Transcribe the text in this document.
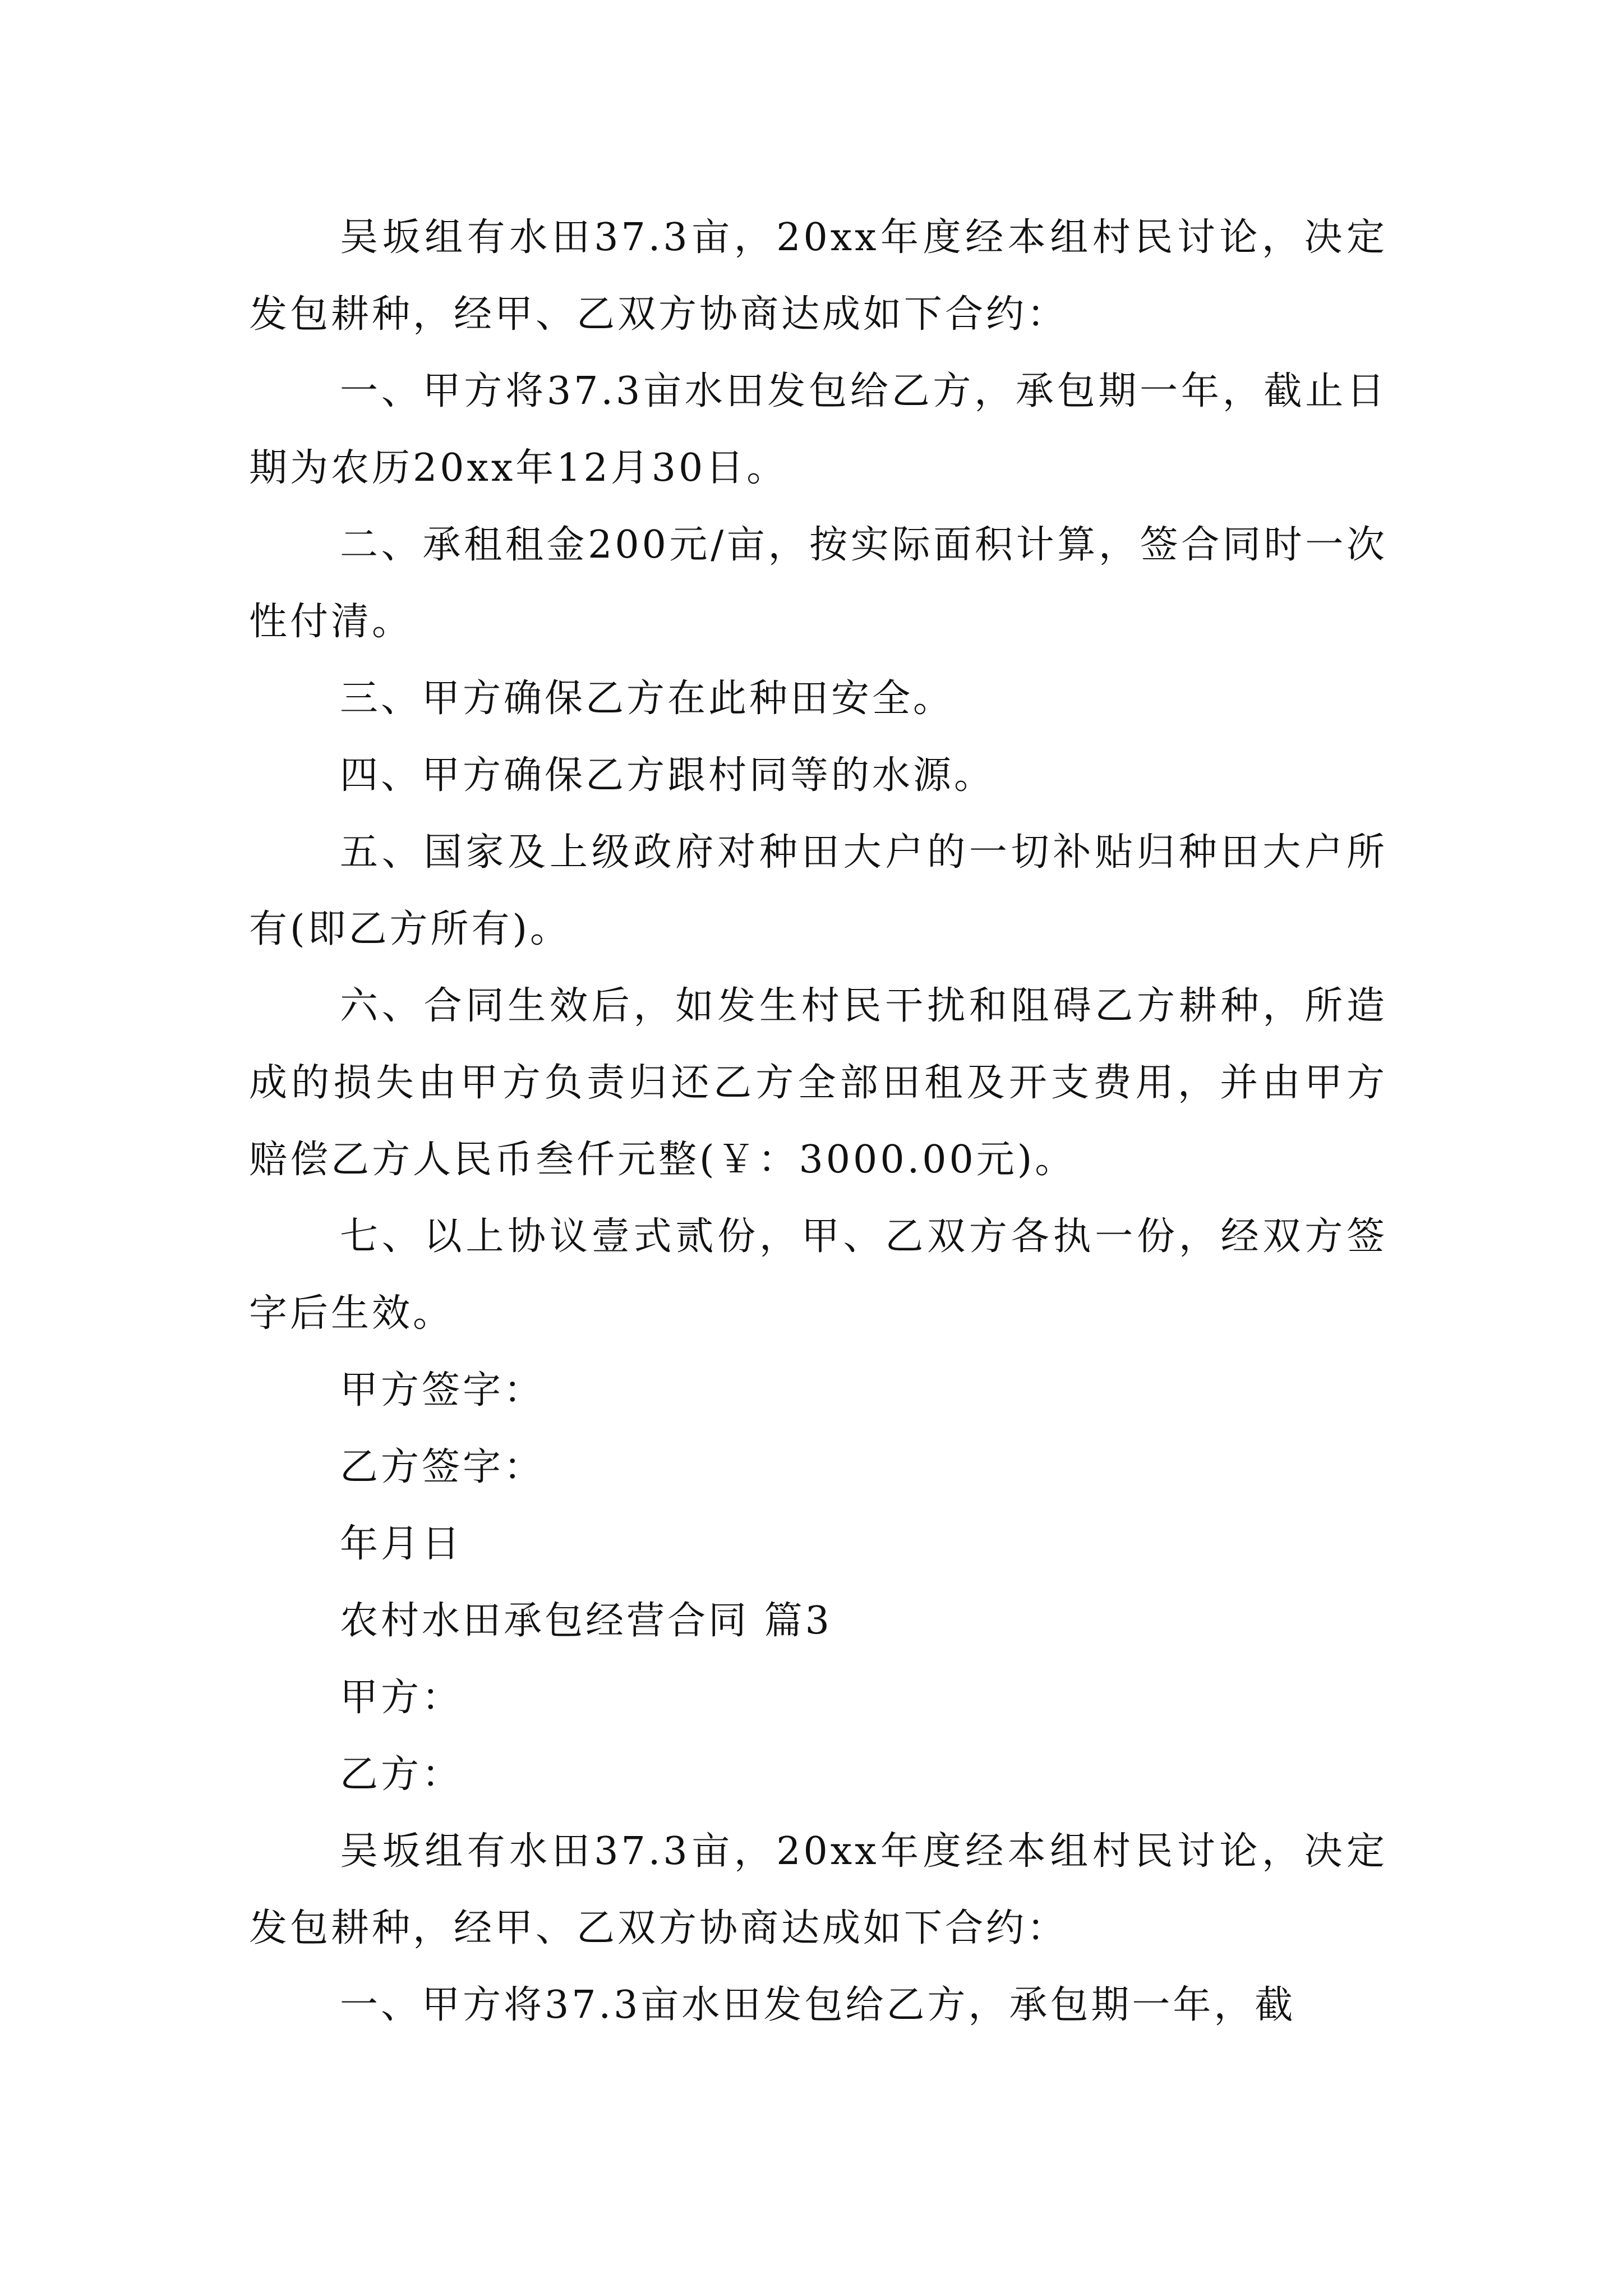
吴坂组有水田37.3亩，20xx年度经本组村民讨论，决定发包耕种，经甲、乙双方协商达成如下合约：

一、甲方将37.3亩水田发包给乙方，承包期一年，截止日期为农历20xx年12月30日。

二、承租租金200元/亩，按实际面积计算，签合同时一次性付清。

三、甲方确保乙方在此种田安全。

四、甲方确保乙方跟村同等的水源。

五、国家及上级政府对种田大户的一切补贴归种田大户所有(即乙方所有)。

六、合同生效后，如发生村民干扰和阻碍乙方耕种，所造成的损失由甲方负责归还乙方全部田租及开支费用，并由甲方赔偿乙方人民币叁仟元整(￥：3000.00元)。

七、以上协议壹式贰份，甲、乙双方各执一份，经双方签字后生效。

甲方签字：

乙方签字：

年月日

农村水田承包经营合同 篇3

甲方：

乙方：

吴坂组有水田37.3亩，20xx年度经本组村民讨论，决定发包耕种，经甲、乙双方协商达成如下合约：

一、甲方将37.3亩水田发包给乙方，承包期一年，截
